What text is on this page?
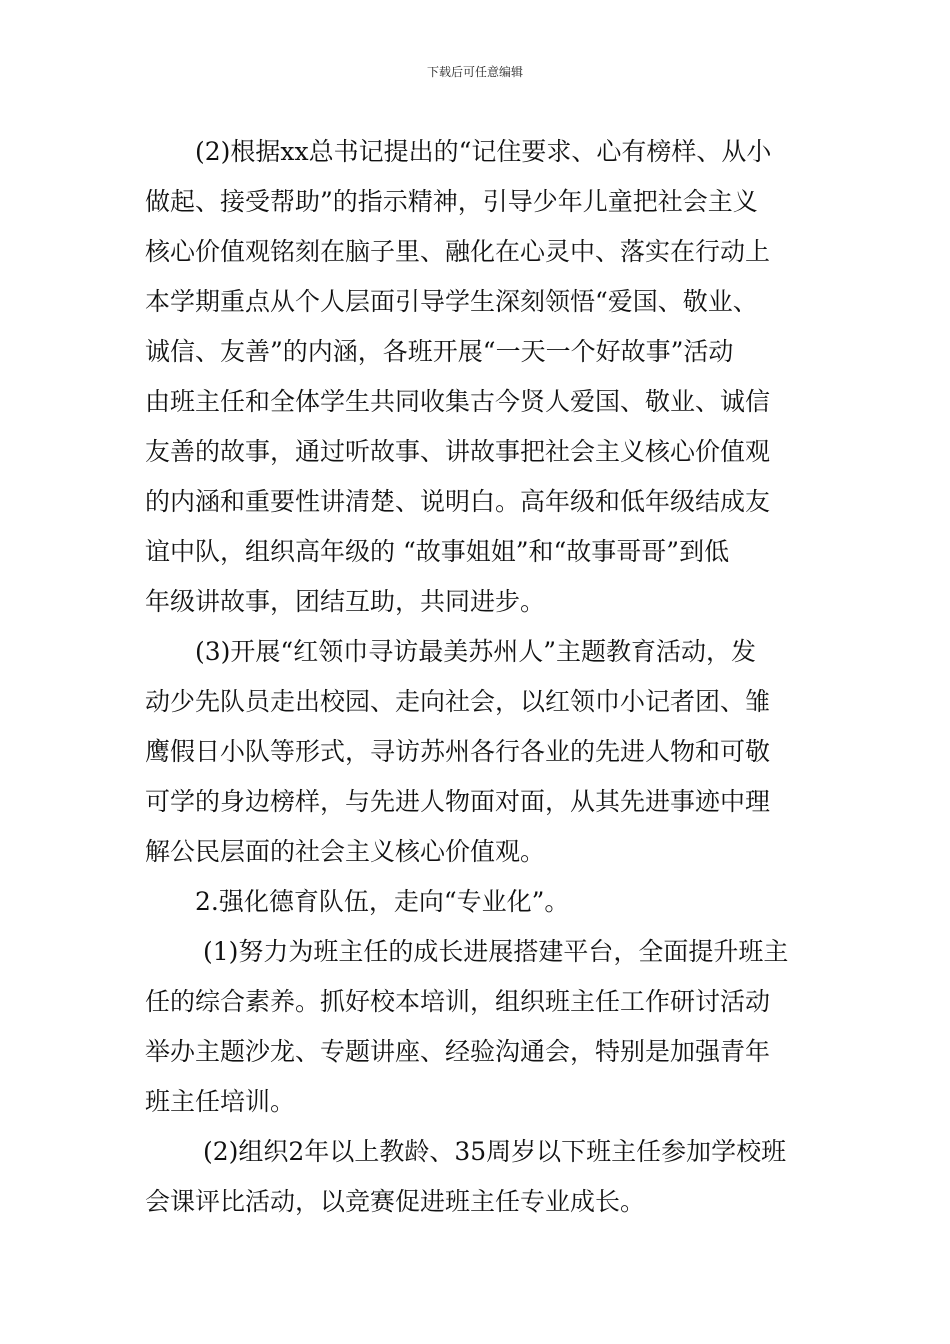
下载后可任意编辑
(2)根据xx总书记提出的“记住要求、心有榜样、从小
做起、接受帮助”的指示精神，引导少年儿童把社会主义
核心价值观铭刻在脑子里、融化在心灵中、落实在行动上
本学期重点从个人层面引导学生深刻领悟“爱国、敬业、
诚信、友善”的内涵，各班开展“一天一个好故事”活动
由班主任和全体学生共同收集古今贤人爱国、敬业、诚信
友善的故事，通过听故事、讲故事把社会主义核心价值观
的内涵和重要性讲清楚、说明白。高年级和低年级结成友
谊中队，组织高年级的 “故事姐姐”和“故事哥哥”到低
年级讲故事，团结互助，共同进步。
(3)开展“红领巾寻访最美苏州人”主题教育活动，发
动少先队员走出校园、走向社会，以红领巾小记者团、雏
鹰假日小队等形式，寻访苏州各行各业的先进人物和可敬
可学的身边榜样，与先进人物面对面，从其先进事迹中理
解公民层面的社会主义核心价值观。
2.强化德育队伍，走向“专业化”。
(1)努力为班主任的成长进展搭建平台，全面提升班主
任的综合素养。抓好校本培训，组织班主任工作研讨活动
举办主题沙龙、专题讲座、经验沟通会，特别是加强青年
班主任培训。
(2)组织2年以上教龄、35周岁以下班主任参加学校班
会课评比活动，以竞赛促进班主任专业成长。
